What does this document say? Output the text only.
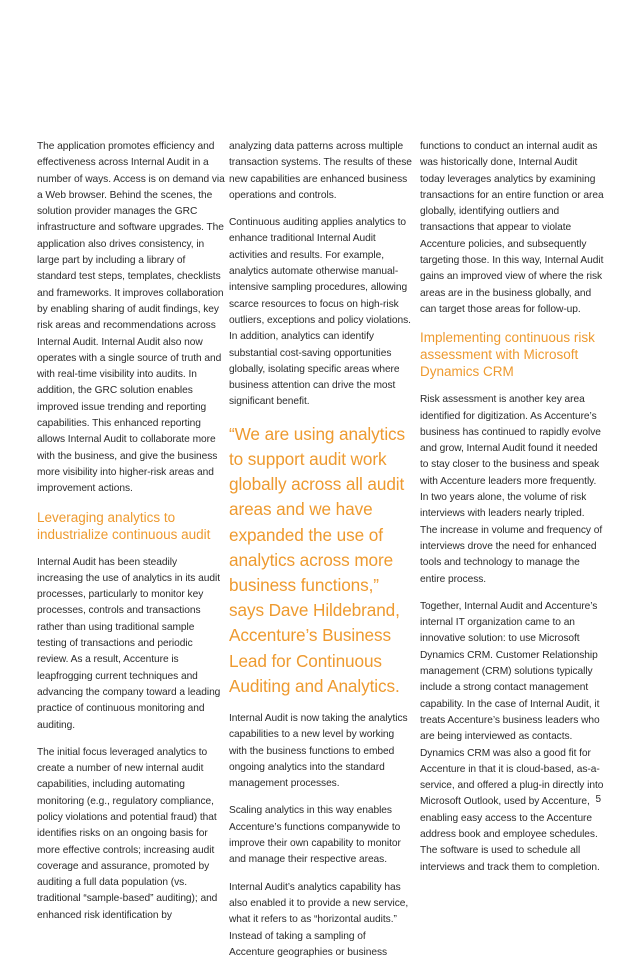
The application promotes efficiency and effectiveness across Internal Audit in a number of ways. Access is on demand via a Web browser. Behind the scenes, the solution provider manages the GRC infrastructure and software upgrades. The application also drives consistency, in large part by including a library of standard test steps, templates, checklists and frameworks. It improves collaboration by enabling sharing of audit findings, key risk areas and recommendations across Internal Audit. Internal Audit also now operates with a single source of truth and with real-time visibility into audits. In addition, the GRC solution enables improved issue trending and reporting capabilities. This enhanced reporting allows Internal Audit to collaborate more with the business, and give the business more visibility into higher-risk areas and improvement actions.

Leveraging analytics to industrialize continuous audit

Internal Audit has been steadily increasing the use of analytics in its audit processes, particularly to monitor key processes, controls and transactions rather than using traditional sample testing of transactions and periodic review. As a result, Accenture is leapfrogging current techniques and advancing the company toward a leading practice of continuous monitoring and auditing.

The initial focus leveraged analytics to create a number of new internal audit capabilities, including automating monitoring (e.g., regulatory compliance, policy violations and potential fraud) that identifies risks on an ongoing basis for more effective controls; increasing audit coverage and assurance, promoted by auditing a full data population (vs. traditional “sample-based” auditing); and enhanced risk identification by

analyzing data patterns across multiple transaction systems. The results of these new capabilities are enhanced business operations and controls.

Continuous auditing applies analytics to enhance traditional Internal Audit activities and results. For example, analytics automate otherwise manual-intensive sampling procedures, allowing scarce resources to focus on high-risk outliers, exceptions and policy violations. In addition, analytics can identify substantial cost-saving opportunities globally, isolating specific areas where business attention can drive the most significant benefit.

“We are using analytics to support audit work globally across all audit areas and we have expanded the use of analytics across more business functions,” says Dave Hildebrand, Accenture’s Business Lead for Continuous Auditing and Analytics.

Internal Audit is now taking the analytics capabilities to a new level by working with the business functions to embed ongoing analytics into the standard management processes.

Scaling analytics in this way enables Accenture’s functions companywide to improve their own capability to monitor and manage their respective areas.

Internal Audit’s analytics capability has also enabled it to provide a new service, what it refers to as “horizontal audits.” Instead of taking a sampling of Accenture geographies or business

functions to conduct an internal audit as was historically done, Internal Audit today leverages analytics by examining transactions for an entire function or area globally, identifying outliers and transactions that appear to violate Accenture policies, and subsequently targeting those. In this way, Internal Audit gains an improved view of where the risk areas are in the business globally, and can target those areas for follow-up.

Implementing continuous risk assessment with Microsoft Dynamics CRM

Risk assessment is another key area identified for digitization. As Accenture’s business has continued to rapidly evolve and grow, Internal Audit found it needed to stay closer to the business and speak with Accenture leaders more frequently. In two years alone, the volume of risk interviews with leaders nearly tripled. The increase in volume and frequency of interviews drove the need for enhanced tools and technology to manage the entire process.

Together, Internal Audit and Accenture’s internal IT organization came to an innovative solution: to use Microsoft Dynamics CRM. Customer Relationship management (CRM) solutions typically include a strong contact management capability. In the case of Internal Audit, it treats Accenture’s business leaders who are being interviewed as contacts. Dynamics CRM was also a good fit for Accenture in that it is cloud-based, as-a-service, and offered a plug-in directly into Microsoft Outlook, used by Accenture, enabling easy access to the Accenture address book and employee schedules. The software is used to schedule all interviews and track them to completion.

5
